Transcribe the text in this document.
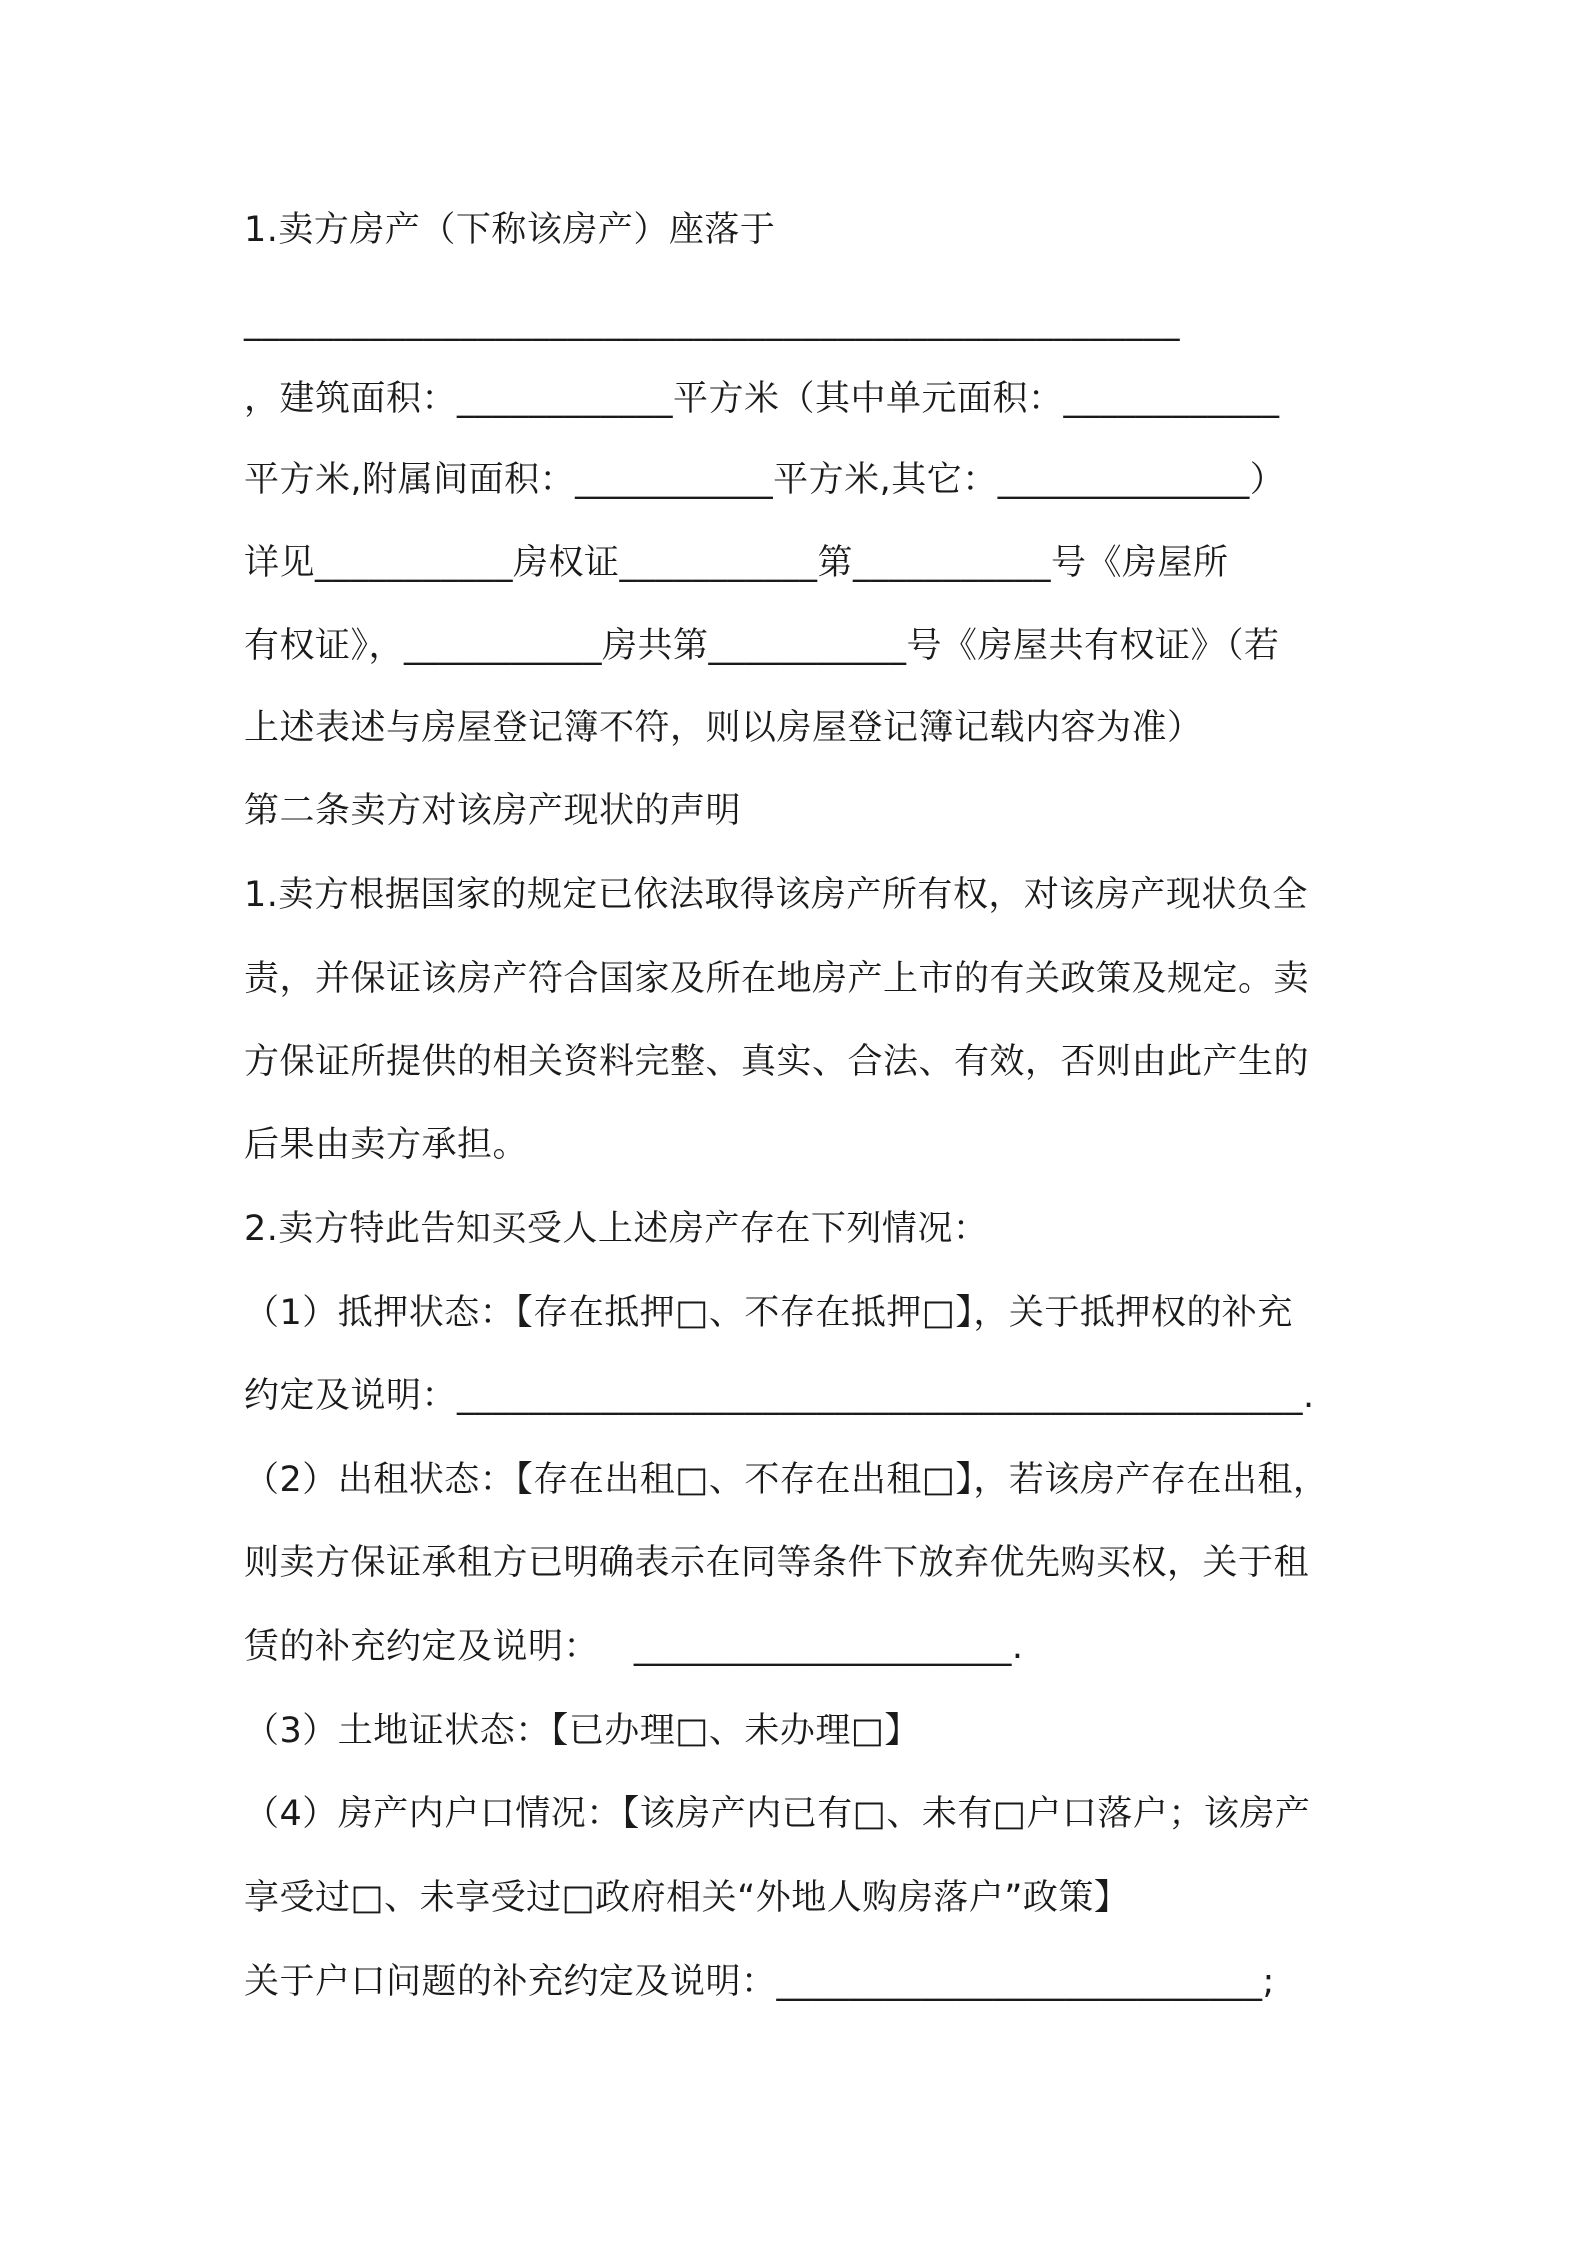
1.卖方房产（下称该房产）座落于
____________________________________________________
，建筑面积：____________平方米（其中单元面积：____________
平方米,附属间面积：___________平方米,其它：______________）
详见___________房权证___________第___________号《房屋所
有权证》，___________房共第___________号《房屋共有权证》（若
上述表述与房屋登记簿不符，则以房屋登记簿记载内容为准）
第二条卖方对该房产现状的声明
1.卖方根据国家的规定已依法取得该房产所有权，对该房产现状负全
责，并保证该房产符合国家及所在地房产上市的有关政策及规定。卖
方保证所提供的相关资料完整、真实、合法、有效，否则由此产生的
后果由卖方承担。
2.卖方特此告知买受人上述房产存在下列情况：
（1）抵押状态：【存在抵押□、不存在抵押□】，关于抵押权的补充
约定及说明：_______________________________________________.
（2）出租状态：【存在出租□、不存在出租□】，若该房产存在出租，
则卖方保证承租方已明确表示在同等条件下放弃优先购买权，关于租
赁的补充约定及说明：   _____________________.
（3）土地证状态：【已办理□、未办理□】
（4）房产内户口情况：【该房产内已有□、未有□户口落户；该房产
享受过□、未享受过□政府相关“外地人购房落户”政策】
关于户口问题的补充约定及说明：___________________________;
